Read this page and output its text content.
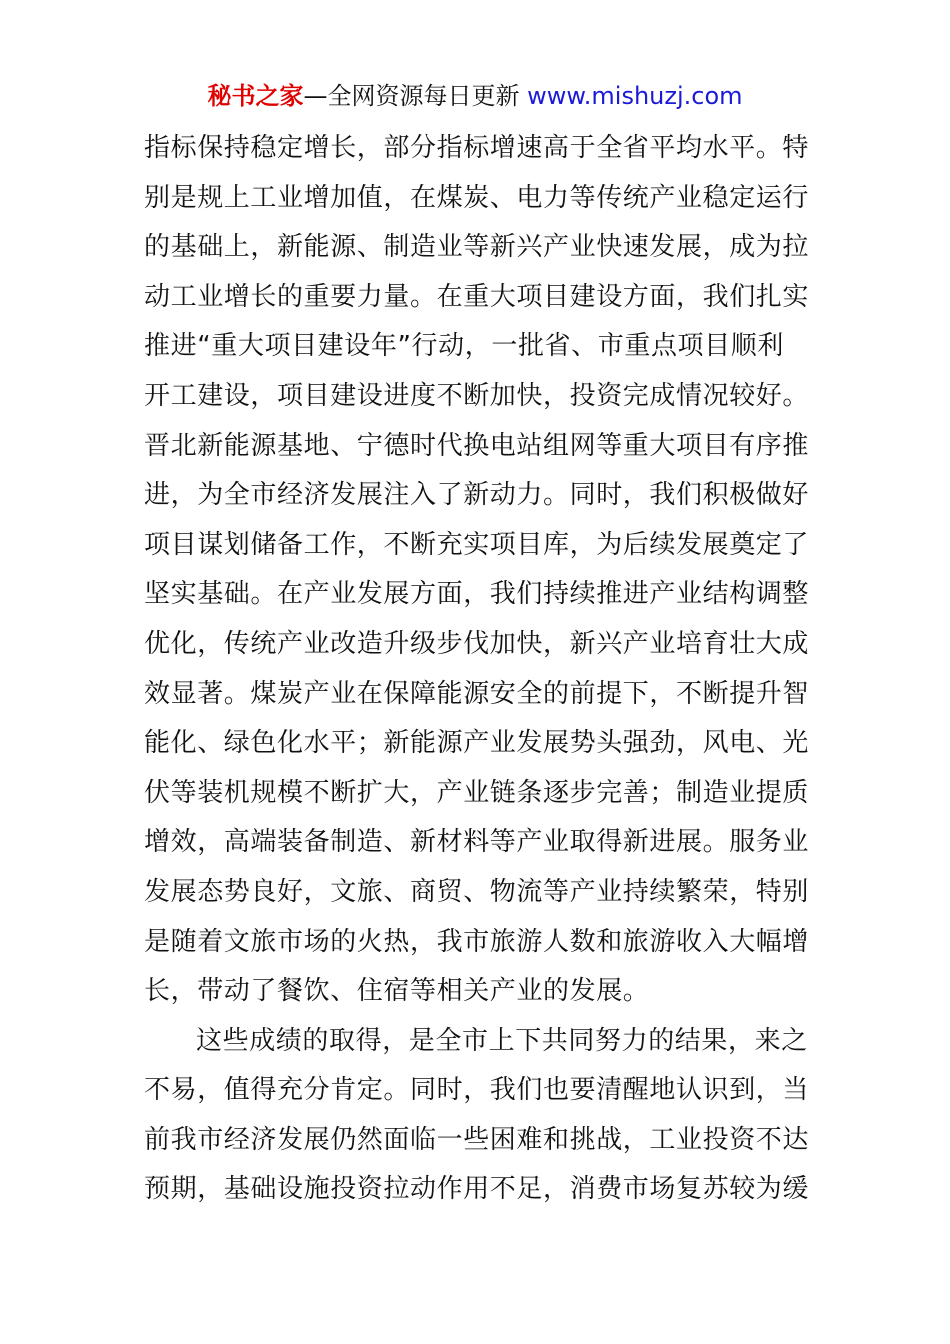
秘书之家—全网资源每日更新 www.mishuzj.com
指标保持稳定增长，部分指标增速高于全省平均水平。特
别是规上工业增加值，在煤炭、电力等传统产业稳定运行
的基础上，新能源、制造业等新兴产业快速发展，成为拉
动工业增长的重要力量。在重大项目建设方面，我们扎实
推进“重大项目建设年”行动，一批省、市重点项目顺利
开工建设，项目建设进度不断加快，投资完成情况较好。
晋北新能源基地、宁德时代换电站组网等重大项目有序推
进，为全市经济发展注入了新动力。同时，我们积极做好
项目谋划储备工作，不断充实项目库，为后续发展奠定了
坚实基础。在产业发展方面，我们持续推进产业结构调整
优化，传统产业改造升级步伐加快，新兴产业培育壮大成
效显著。煤炭产业在保障能源安全的前提下，不断提升智
能化、绿色化水平；新能源产业发展势头强劲，风电、光
伏等装机规模不断扩大，产业链条逐步完善；制造业提质
增效，高端装备制造、新材料等产业取得新进展。服务业
发展态势良好，文旅、商贸、物流等产业持续繁荣，特别
是随着文旅市场的火热，我市旅游人数和旅游收入大幅增
长，带动了餐饮、住宿等相关产业的发展。
这些成绩的取得，是全市上下共同努力的结果，来之
不易，值得充分肯定。同时，我们也要清醒地认识到，当
前我市经济发展仍然面临一些困难和挑战，工业投资不达
预期，基础设施投资拉动作用不足，消费市场复苏较为缓
